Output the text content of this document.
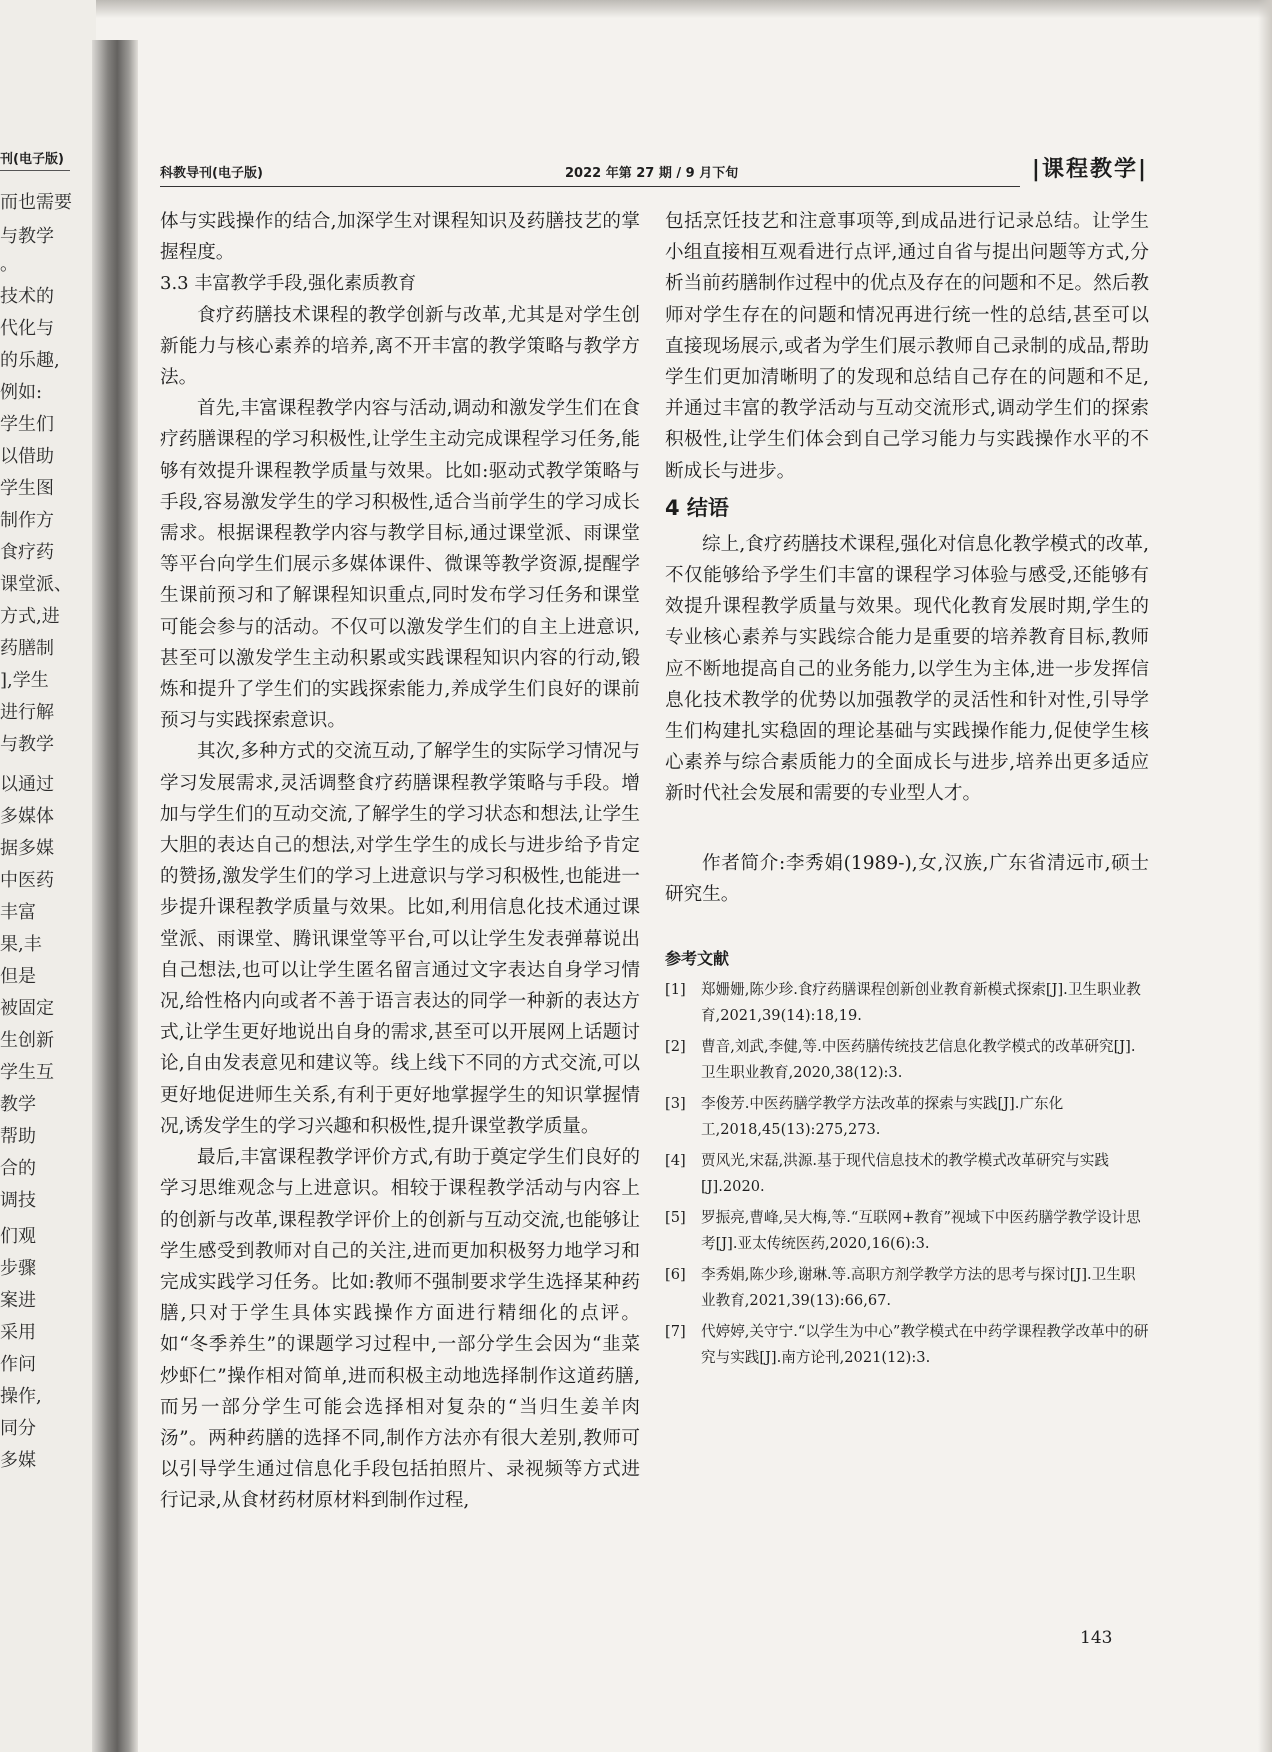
刊(电子版)
而也需要
与教学
。
技术的
代化与
的乐趣,
例如:
学生们
以借助
学生图
制作方
食疗药
课堂派、
方式,进
药膳制
],学生
进行解
与教学
以通过
多媒体
据多媒
中医药
丰富
果,丰
但是
被固定
生创新
学生互
教学
帮助
合的
调技
们观
步骤
案进
采用
作问
操作,
同分
多媒
科教导刊(电子版)	2022 年第 27 期 / 9 月下旬	|课程教学|

体与实践操作的结合,加深学生对课程知识及药膳技艺的掌握程度。

3.3 丰富教学手段,强化素质教育

食疗药膳技术课程的教学创新与改革,尤其是对学生创新能力与核心素养的培养,离不开丰富的教学策略与教学方法。

首先,丰富课程教学内容与活动,调动和激发学生们在食疗药膳课程的学习积极性,让学生主动完成课程学习任务,能够有效提升课程教学质量与效果。比如:驱动式教学策略与手段,容易激发学生的学习积极性,适合当前学生的学习成长需求。根据课程教学内容与教学目标,通过课堂派、雨课堂等平台向学生们展示多媒体课件、微课等教学资源,提醒学生课前预习和了解课程知识重点,同时发布学习任务和课堂可能会参与的活动。不仅可以激发学生们的自主上进意识,甚至可以激发学生主动积累或实践课程知识内容的行动,锻炼和提升了学生们的实践探索能力,养成学生们良好的课前预习与实践探索意识。

其次,多种方式的交流互动,了解学生的实际学习情况与学习发展需求,灵活调整食疗药膳课程教学策略与手段。增加与学生们的互动交流,了解学生的学习状态和想法,让学生大胆的表达自己的想法,对学生学生的成长与进步给予肯定的赞扬,激发学生们的学习上进意识与学习积极性,也能进一步提升课程教学质量与效果。比如,利用信息化技术通过课堂派、雨课堂、腾讯课堂等平台,可以让学生发表弹幕说出自己想法,也可以让学生匿名留言通过文字表达自身学习情况,给性格内向或者不善于语言表达的同学一种新的表达方式,让学生更好地说出自身的需求,甚至可以开展网上话题讨论,自由发表意见和建议等。线上线下不同的方式交流,可以更好地促进师生关系,有利于更好地掌握学生的知识掌握情况,诱发学生的学习兴趣和积极性,提升课堂教学质量。

最后,丰富课程教学评价方式,有助于奠定学生们良好的学习思维观念与上进意识。相较于课程教学活动与内容上的创新与改革,课程教学评价上的创新与互动交流,也能够让学生感受到教师对自己的关注,进而更加积极努力地学习和完成实践学习任务。比如:教师不强制要求学生选择某种药膳,只对于学生具体实践操作方面进行精细化的点评。如“冬季养生”的课题学习过程中,一部分学生会因为“韭菜炒虾仁”操作相对简单,进而积极主动地选择制作这道药膳,而另一部分学生可能会选择相对复杂的“当归生姜羊肉汤”。两种药膳的选择不同,制作方法亦有很大差别,教师可以引导学生通过信息化手段包括拍照片、录视频等方式进行记录,从食材药材原材料到制作过程,

包括烹饪技艺和注意事项等,到成品进行记录总结。让学生小组直接相互观看进行点评,通过自省与提出问题等方式,分析当前药膳制作过程中的优点及存在的问题和不足。然后教师对学生存在的问题和情况再进行统一性的总结,甚至可以直接现场展示,或者为学生们展示教师自己录制的成品,帮助学生们更加清晰明了的发现和总结自己存在的问题和不足,并通过丰富的教学活动与互动交流形式,调动学生们的探索积极性,让学生们体会到自己学习能力与实践操作水平的不断成长与进步。

4 结语

综上,食疗药膳技术课程,强化对信息化教学模式的改革,不仅能够给予学生们丰富的课程学习体验与感受,还能够有效提升课程教学质量与效果。现代化教育发展时期,学生的专业核心素养与实践综合能力是重要的培养教育目标,教师应不断地提高自己的业务能力,以学生为主体,进一步发挥信息化技术教学的优势以加强教学的灵活性和针对性,引导学生们构建扎实稳固的理论基础与实践操作能力,促使学生核心素养与综合素质能力的全面成长与进步,培养出更多适应新时代社会发展和需要的专业型人才。

作者简介:李秀娟(1989-),女,汉族,广东省清远市,硕士研究生。

参考文献
[1]	郑姗姗,陈少珍.食疗药膳课程创新创业教育新模式探索[J].卫生职业教育,2021,39(14):18,19.
[2]	曹音,刘武,李健,等.中医药膳传统技艺信息化教学模式的改革研究[J].卫生职业教育,2020,38(12):3.
[3]	李俊芳.中医药膳学教学方法改革的探索与实践[J].广东化工,2018,45(13):275,273.
[4]	贾风光,宋磊,洪源.基于现代信息技术的教学模式改革研究与实践[J].2020.
[5]	罗振亮,曹峰,吴大梅,等.“互联网+教育”视域下中医药膳学教学设计思考[J].亚太传统医药,2020,16(6):3.
[6]	李秀娟,陈少珍,谢琳.等.高职方剂学教学方法的思考与探讨[J].卫生职业教育,2021,39(13):66,67.
[7]	代婷婷,关守宁.“以学生为中心”教学模式在中药学课程教学改革中的研究与实践[J].南方论刊,2021(12):3.
143
